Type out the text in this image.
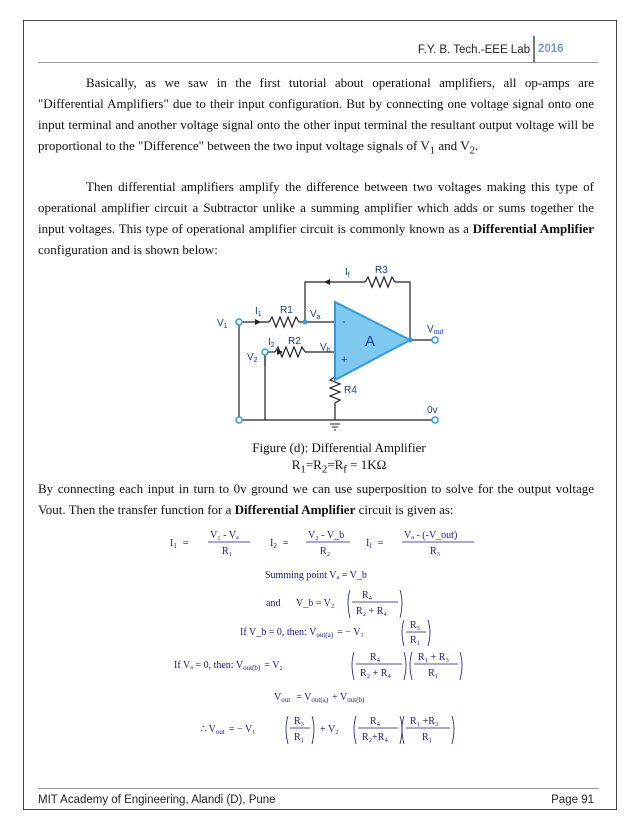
F.Y. B. Tech.-EEE Lab 2016
Basically, as we saw in the first tutorial about operational amplifiers, all op-amps are "Differential Amplifiers" due to their input configuration. But by connecting one voltage signal onto one input terminal and another voltage signal onto the other input terminal the resultant output voltage will be proportional to the "Difference" between the two input voltage signals of $V_1$ and $V_2$.
Then differential amplifiers amplify the difference between two voltages making this type of operational amplifier circuit a Subtractor unlike a summing amplifier which adds or sums together the input voltages. This type of operational amplifier circuit is commonly known as a Differential Amplifier configuration and is shown below:
-
+
A
$I_f$	R3
R1
R2
R4
$I_1$
$I_2$
$V_1$
$V_2$
$V_a$
$V_b$
$V_{out}$
0v
Figure (d): Differential Amplifier
$R_1=R_2=R_f = 1K\Omega$
By connecting each input in turn to 0v ground we can use superposition to solve for the output voltage Vout. Then the transfer function for a Differential Amplifier circuit is given as:
$I_1$ =
V₁ - Vₐ
R₁
$I_2$ =
V₂ - V_b
R₂
$I_f$ =
Vₐ - (-V_out)
R₃
Summing point Vₐ = V_b
and V_b = V₂
R₄
R₂ + R₄
If V_b = 0, then: $V_{out(a)}$ = − V₁
R₃
R₁
If Vₐ = 0, then: $V_{out(b)} = V_2$
R₄
R₂ + R₄
R₁ + R₃
R₁
$V_{out} = V_{out(a)} + V_{out(b)}$
∴ $V_{out}$ = − V₁
R₃
R₁
+ V₂
R₄
R₂+R₄
R₁ +R₃
R₁
MIT Academy of Engineering, Alandi (D), Pune	Page 91
